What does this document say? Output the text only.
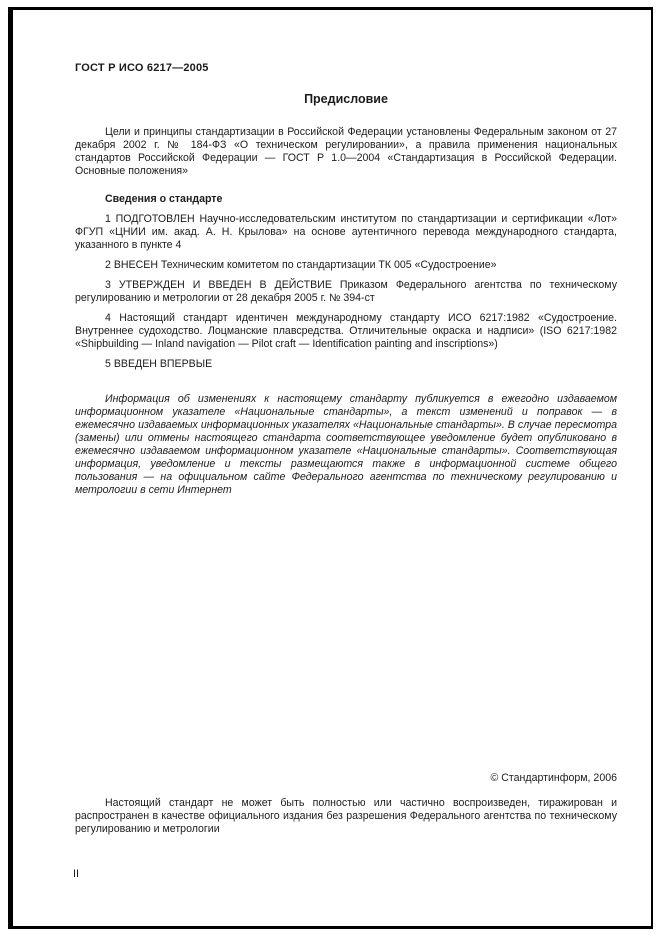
ГОСТ Р ИСО 6217—2005
Предисловие

Цели и принципы стандартизации в Российской Федерации установлены Федеральным законом от 27 декабря 2002 г. № 184-ФЗ «О техническом регулировании», а правила применения национальных стандартов Российской Федерации — ГОСТ Р 1.0—2004 «Стандартизация в Российской Федерации. Основные положения»

Сведения о стандарте

1 ПОДГОТОВЛЕН Научно-исследовательским институтом по стандартизации и сертификации «Лот» ФГУП «ЦНИИ им. акад. А. Н. Крылова» на основе аутентичного перевода международного стандарта, указанного в пункте 4

2 ВНЕСЕН Техническим комитетом по стандартизации ТК 005 «Судостроение»

3 УТВЕРЖДЕН И ВВЕДЕН В ДЕЙСТВИЕ Приказом Федерального агентства по техническому регулированию и метрологии от 28 декабря 2005 г. № 394-ст

4 Настоящий стандарт идентичен международному стандарту ИСО 6217:1982 «Судостроение. Внутреннее судоходство. Лоцманские плавсредства. Отличительные окраска и надписи» (ISO 6217:1982 «Shipbuilding — Inland navigation — Pilot craft — Identification painting and inscriptions»)

5 ВВЕДЕН ВПЕРВЫЕ

Информация об изменениях к настоящему стандарту публикуется в ежегодно издаваемом информационном указателе «Национальные стандарты», а текст изменений и поправок — в ежемесячно издаваемых информационных указателях «Национальные стандарты». В случае пересмотра (замены) или отмены настоящего стандарта соответствующее уведомление будет опубликовано в ежемесячно издаваемом информационном указателе «Национальные стандарты». Соответствующая информация, уведомление и тексты размещаются также в информационной системе общего пользования — на официальном сайте Федерального агентства по техническому регулированию и метрологии в сети Интернет

© Стандартинформ, 2006

Настоящий стандарт не может быть полностью или частично воспроизведен, тиражирован и распространен в качестве официального издания без разрешения Федерального агентства по техническому регулированию и метрологии

II
